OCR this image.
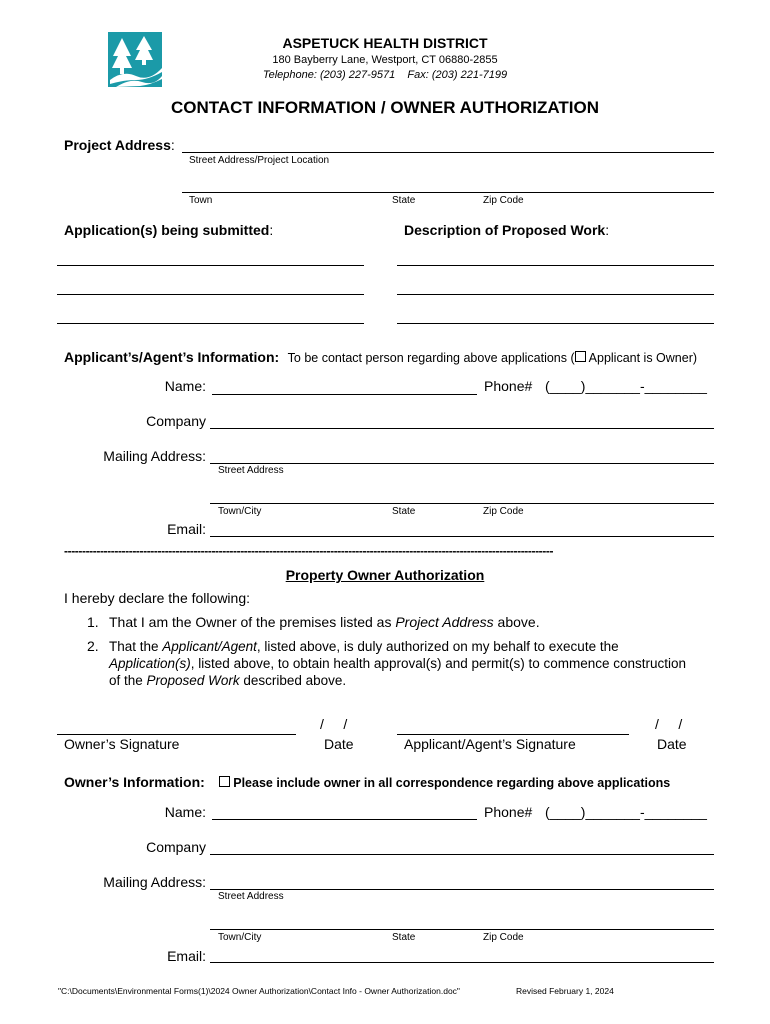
ASPETUCK HEALTH DISTRICT
180 Bayberry Lane, Westport, CT 06880-2855
Telephone: (203) 227-9571    Fax: (203) 221-7199
CONTACT INFORMATION / OWNER AUTHORIZATION
Project Address:
Street Address/Project Location
Town	State	Zip Code
Application(s) being submitted:	Description of Proposed Work:
Applicant’s/Agent’s Information: To be contact person regarding above applications ( Applicant is Owner)
Name:	Phone# (____)_______-________
Company
Mailing Address:
Street Address
Town/City	State	Zip Code
Email:
----------------------------------------------------------------------------------------------------------------------------------------
Property Owner Authorization
I hereby declare the following:
1. That I am the Owner of the premises listed as Project Address above.
2. That the Applicant/Agent, listed above, is duly authorized on my behalf to execute the
Application(s), listed above, to obtain health approval(s) and permit(s) to commence construction
of the Proposed Work described above.
Owner’s Signature
/     /
Date	Applicant/Agent’s Signature
/     /
Date
Owner’s Information: Please include owner in all correspondence regarding above applications
Name:	Phone# (____)_______-________
Company
Mailing Address:
Street Address
Town/City	State	Zip Code
Email:
"C:\Documents\Environmental Forms(1)\2024 Owner Authorization\Contact Info - Owner Authorization.doc"	Revised February 1, 2024
